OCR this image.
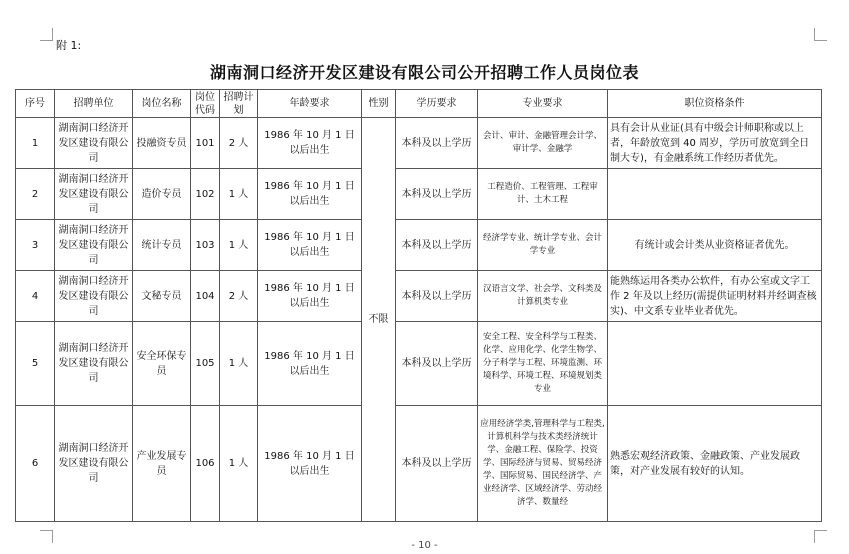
附 1:
湖南洞口经济开发区建设有限公司公开招聘工作人员岗位表
序号	招聘单位	岗位名称	岗位代码	招聘计划	年龄要求	性别	学历要求	专业要求	职位资格条件
1	湖南洞口经济开发区建设有限公司	投融资专员	101	2 人	1986 年 10 月 1 日以后出生	不限	本科及以上学历	会计、审计、金融管理会计学、审计学、金融学	具有会计从业证(具有中级会计师职称或以上者，年龄放宽到 40 周岁，学历可放宽到全日制大专)，有金融系统工作经历者优先。
2	湖南洞口经济开发区建设有限公司	造价专员	102	1 人	1986 年 10 月 1 日以后出生		本科及以上学历	工程造价、工程管理、工程审计、土木工程	
3	湖南洞口经济开发区建设有限公司	统计专员	103	1 人	1986 年 10 月 1 日以后出生		本科及以上学历	经济学专业、统计学专业、会计学专业	有统计或会计类从业资格证者优先。
4	湖南洞口经济开发区建设有限公司	文秘专员	104	2 人	1986 年 10 月 1 日以后出生		本科及以上学历	汉语言文学、社会学、文科类及计算机类专业	能熟练运用各类办公软件，有办公室或文字工作 2 年及以上经历(需提供证明材料并经调查核实)、中文系专业毕业者优先。
5	湖南洞口经济开发区建设有限公司	安全环保专员	105	1 人	1986 年 10 月 1 日以后出生		本科及以上学历	安全工程、安全科学与工程类、化学、应用化学、化学生物学、分子科学与工程、环境监测、环境科学、环境工程、环境规划类专业	
6	湖南洞口经济开发区建设有限公司	产业发展专员	106	1 人	1986 年 10 月 1 日以后出生		本科及以上学历	应用经济学类,管理科学与工程类,计算机科学与技术类经济统计学、金融工程、保险学、投资学、国际经济与贸易、贸易经济学、国际贸易、国民经济学、产业经济学、区域经济学、劳动经济学、数量经	熟悉宏观经济政策、金融政策、产业发展政策，对产业发展有较好的认知。
- 10 -
